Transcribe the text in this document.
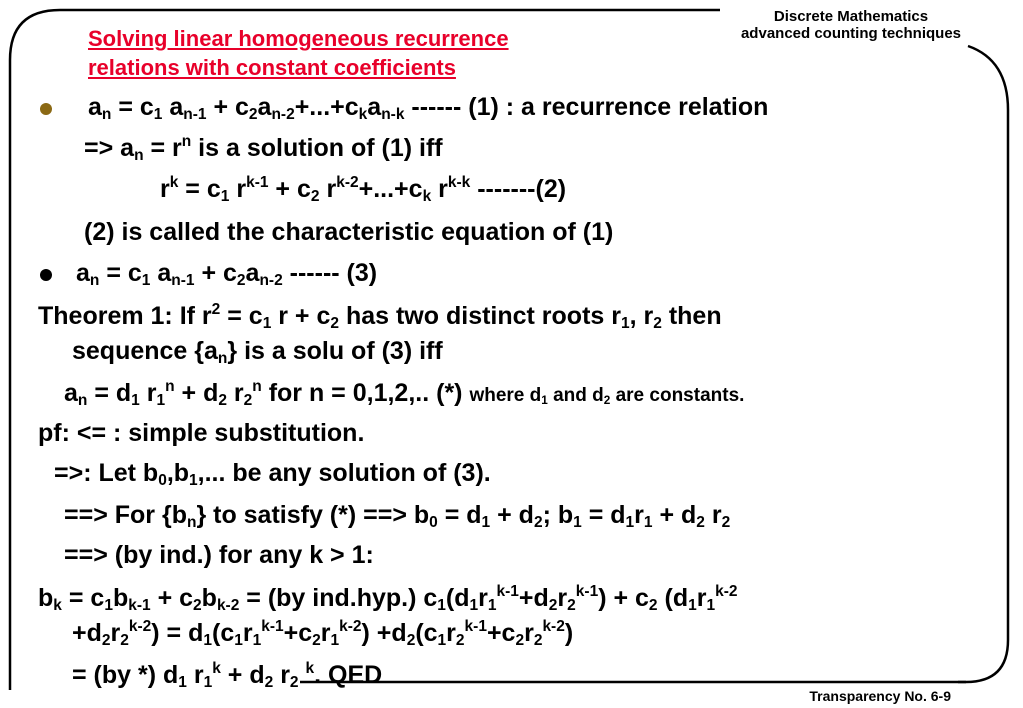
Discrete Mathematics
advanced counting techniques
Solving linear homogeneous recurrence
relations with constant coefficients
$a_n = c_1$ $a_{n-1} + c_2a_{n-2}+...+c_ka_{n-k}$ ------ (1) : a recurrence relation
=> $a_n = r^n$ is a solution of (1) iff
$r^k = c_1$ $r^{k-1} + c_2$ $r^{k-2}+...+c_k$ $r^{k-k}$ -------(2)
(2) is called the characteristic equation of (1)
$a_n = c_1$ $a_{n-1} + c_2a_{n-2}$ ------ (3)
Theorem 1: If $r^2 = c_1$ $r + c_2$ has two distinct roots $r_1$, $r_2$ then
sequence $\{a_n\}$ is a solu of (3) iff
$a_n = d_1$ $r_1^n + d_2$ $r_2^n$ for n = 0,1,2,.. (*) where $d_1$ and $d_2$ are constants.
pf: <= : simple substitution.
=>: Let $b_0,b_1$,... be any solution of (3).
==> For $\{b_n\}$ to satisfy (*) ==> $b_0 = d_1 + d_2$; $b_1 = d_1r_1 + d_2$ $r_2$
==> (by ind.) for any k > 1:
$b_k = c_1b_{k-1} + c_2b_{k-2} = (by$ ind.hyp.) $c_1(d_1r_1^{k-1}+d_2r_2^{k-1}) + c_2$ ($d_1r_1^{k-2}$
$+d_2r_2^{k-2}) = d_1(c_1r_1^{k-1}+c_2r_1^{k-2}) +d_2(c_1r_2^{k-1}+c_2r_2^{k-2})$
= (by *) $d_1$ $r_1^k + d_2$ $r_2$ $^k$. QED
Transparency No. 6-9
